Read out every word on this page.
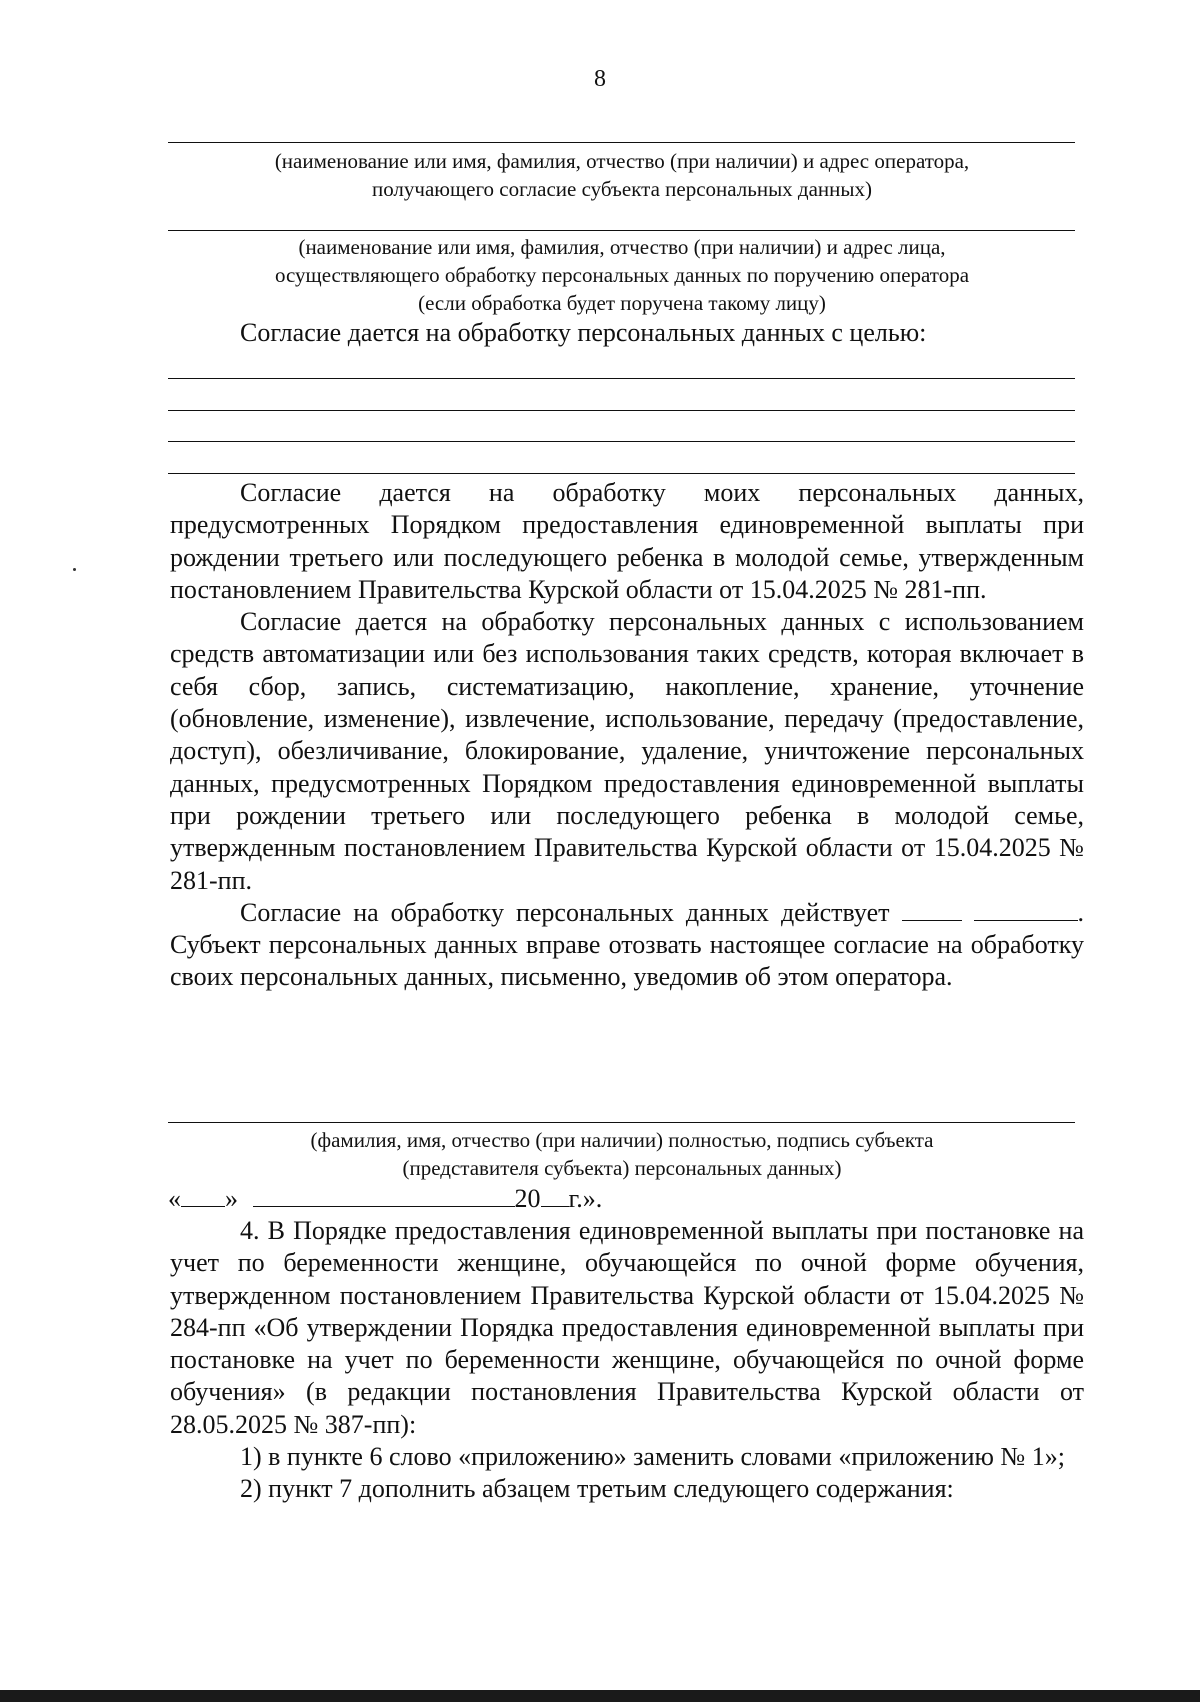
8
(наименование или имя, фамилия, отчество (при наличии) и адрес оператора,
получающего согласие субъекта персональных данных)
(наименование или имя, фамилия, отчество (при наличии) и адрес лица,
осуществляющего обработку персональных данных по поручению оператора
(если обработка будет поручена такому лицу)
Согласие дается на обработку персональных данных с целью:

Согласие дается на обработку моих персональных данных, предусмотренных Порядком предоставления единовременной выплаты при рождении третьего или последующего ребенка в молодой семье, утвержденным постановлением Правительства Курской области от 15.04.2025 № 281-пп.

Согласие дается на обработку персональных данных с использованием средств автоматизации или без использования таких средств, которая включает в себя сбор, запись, систематизацию, накопление, хранение, уточнение (обновление, изменение), извлечение, использование, передачу (предоставление, доступ), обезличивание, блокирование, удаление, уничтожение персональных данных, предусмотренных Порядком предоставления единовременной выплаты при рождении третьего или последующего ребенка в молодой семье, утвержденным постановлением Правительства Курской области от 15.04.2025 № 281-пп.

Согласие на обработку персональных данных действует	. Субъект персональных данных вправе отозвать настоящее согласие на обработку своих персональных данных, письменно, уведомив об этом оператора.

(фамилия, имя, отчество (при наличии) полностью, подпись субъекта
(представителя субъекта) персональных данных)
« »	20 г.».

4. В Порядке предоставления единовременной выплаты при постановке на учет по беременности женщине, обучающейся по очной форме обучения, утвержденном постановлением Правительства Курской области от 15.04.2025 № 284-пп «Об утверждении Порядка предоставления единовременной выплаты при постановке на учет по беременности женщине, обучающейся по очной форме обучения» (в редакции постановления Правительства Курской области от 28.05.2025 № 387-пп):

1) в пункте 6 слово «приложению» заменить словами «приложению № 1»;

2) пункт 7 дополнить абзацем третьим следующего содержания:
